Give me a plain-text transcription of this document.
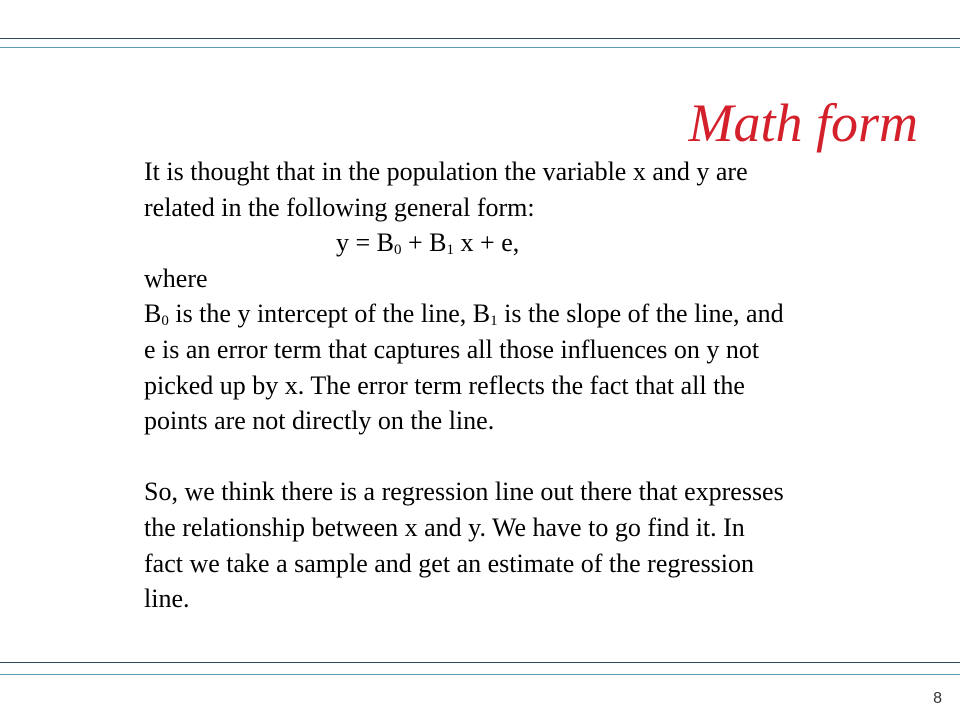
Math form

It is thought that in the population the variable x and y are

related in the following general form:

$y = B_0 + B_1$ x + e,

where

$B_0$ is the y intercept of the line, $B_1$ is the slope of the line, and

e is an error term that captures all those influences on y not

picked up by x. The error term reflects the fact that all the

points are not directly on the line.

So, we think there is a regression line out there that expresses

the relationship between x and y. We have to go find it. In

fact we take a sample and get an estimate of the regression

line.

8
